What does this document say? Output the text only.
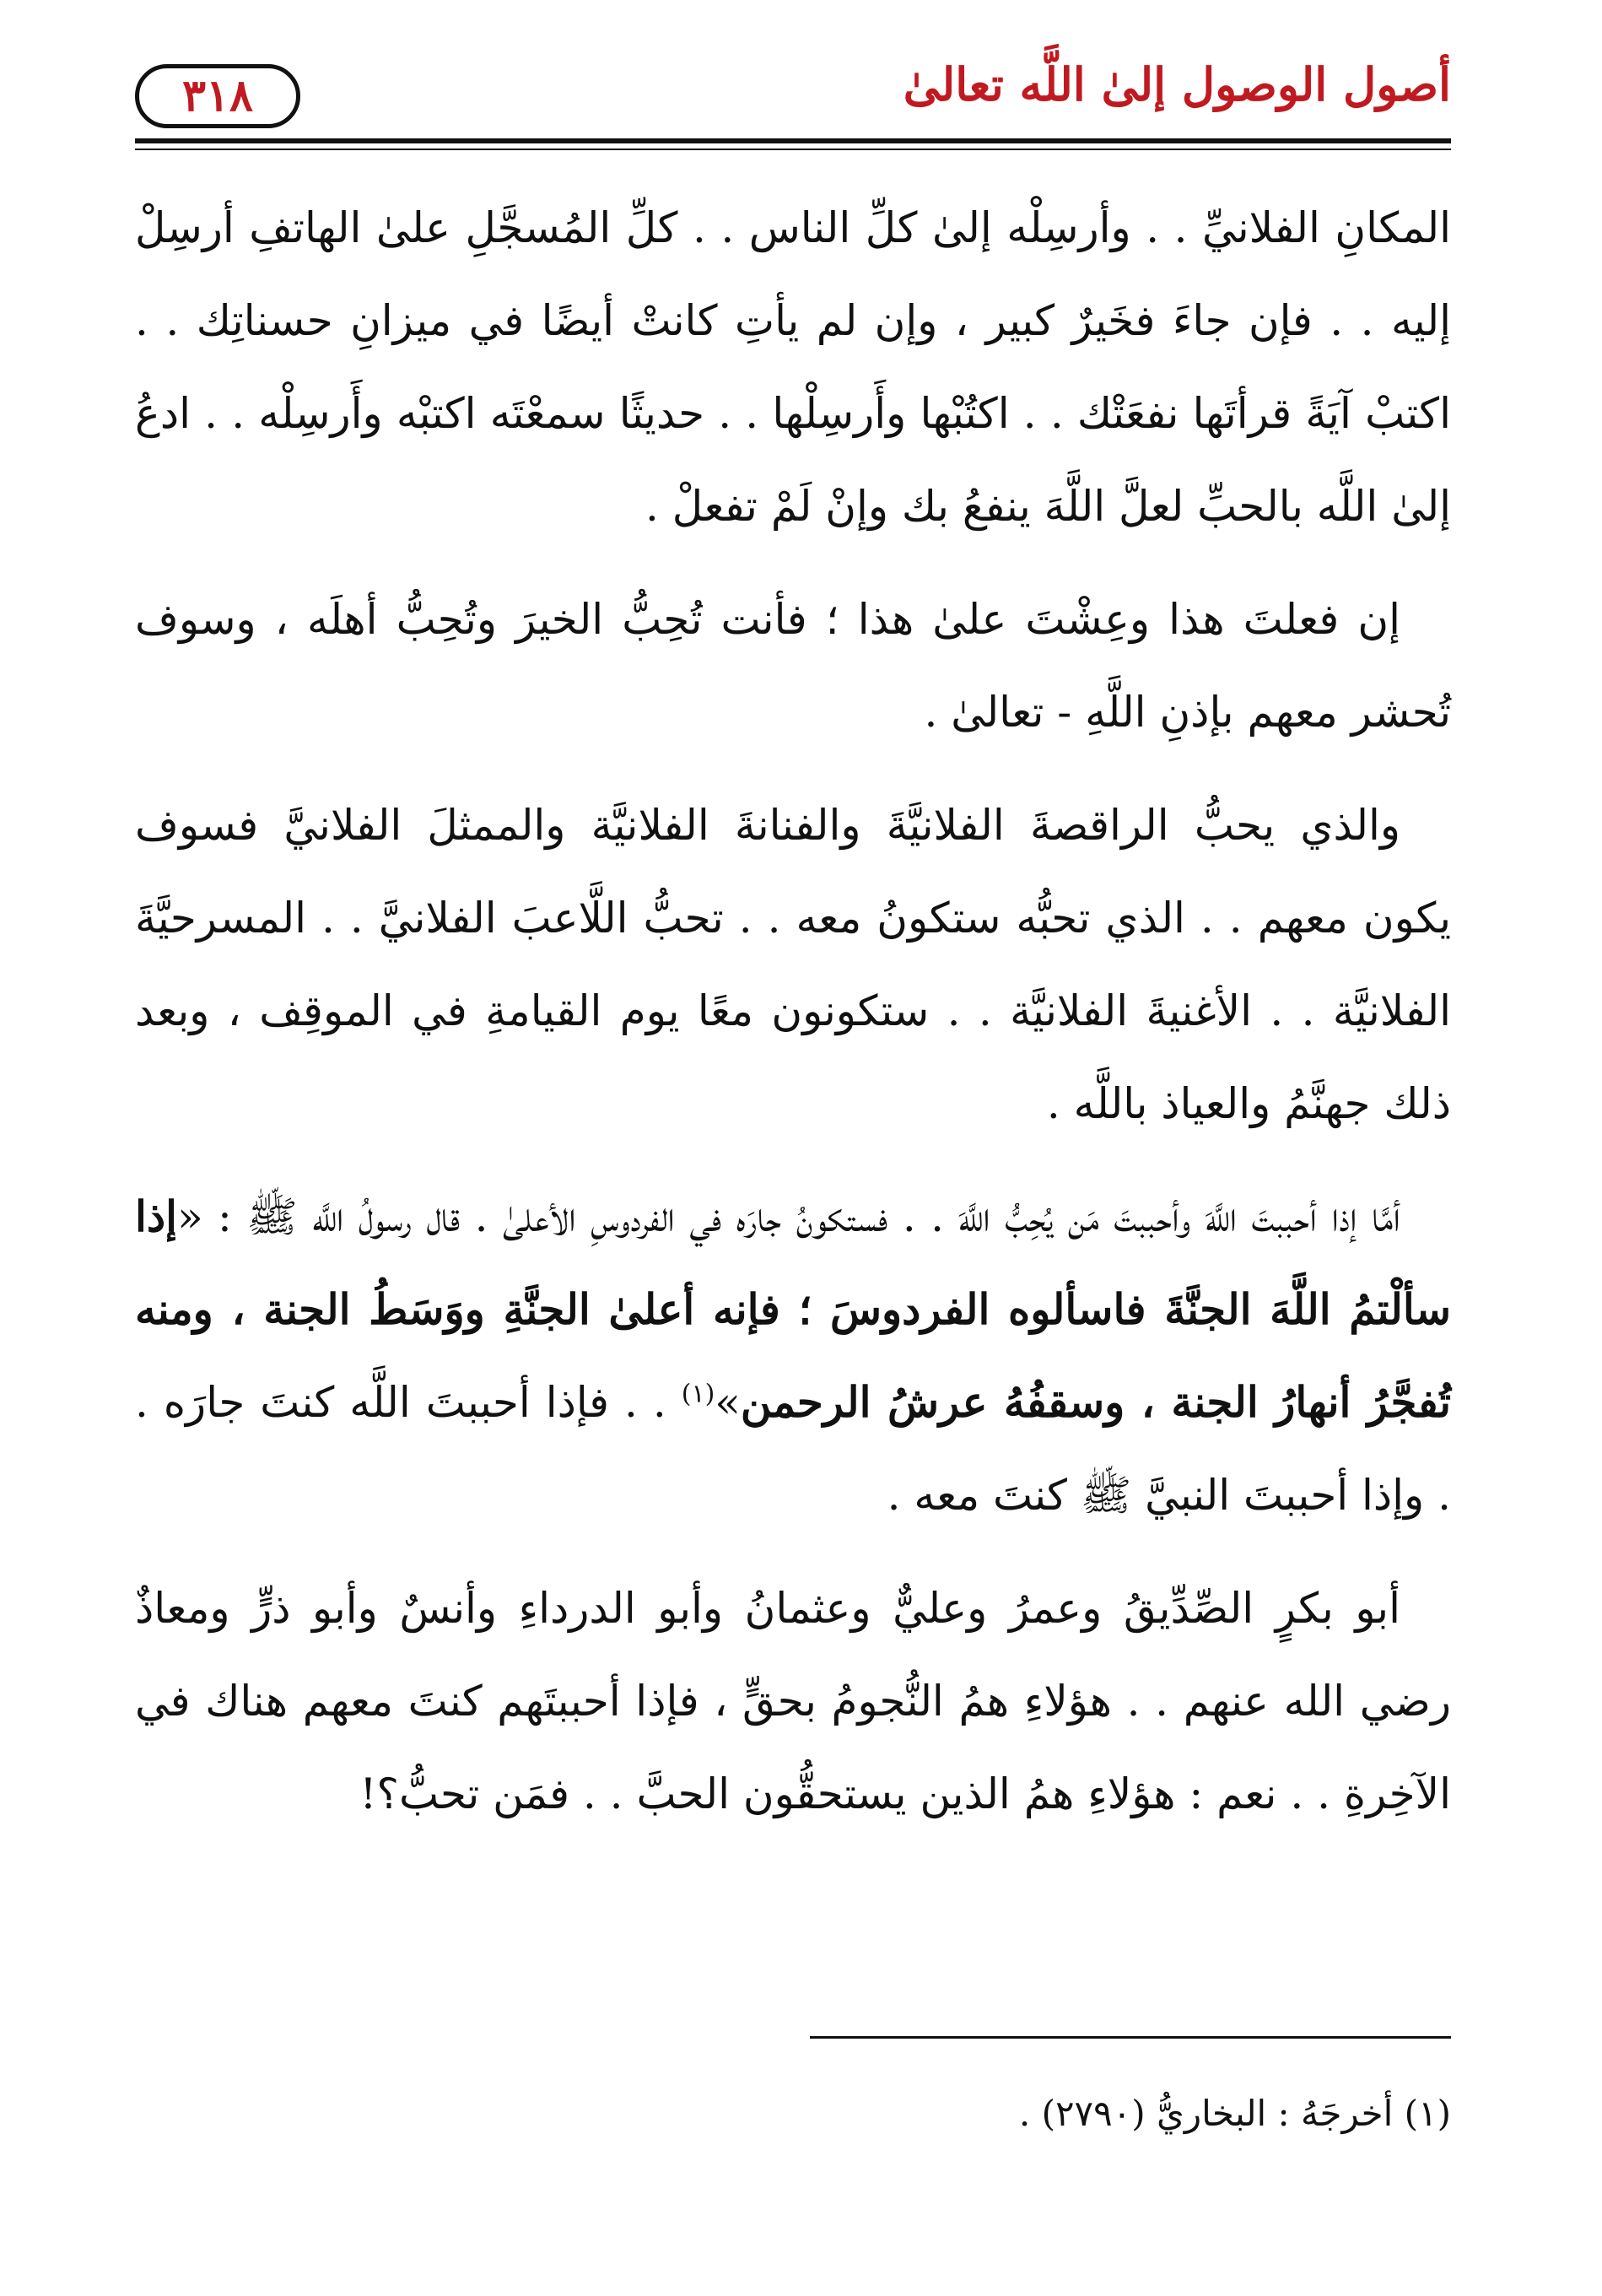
٣١٨	أصول الوصول إلىٰ اللَّه تعالىٰ

المكانِ الفلانيِّ . . وأرسِلْه إلىٰ كلِّ الناس . . كلِّ المُسجَّلِ علىٰ الهاتفِ أرسِلْ إليه . . فإن جاءَ فخَيرٌ كبير ، وإن لم يأتِ كانتْ أيضًا في ميزانِ حسناتِك . . اكتبْ آيَةً قرأتَها نفعَتْك . . اكتُبْها وأَرسِلْها . . حديثًا سمعْتَه اكتبْه وأَرسِلْه . . ادعُ إلىٰ اللَّه بالحبِّ لعلَّ اللَّهَ ينفعُ بك وإنْ لَمْ تفعلْ .

إن فعلتَ هذا وعِشْتَ علىٰ هذا ؛ فأنت تُحِبُّ الخيرَ وتُحِبُّ أهلَه ، وسوف تُحشر معهم بإذنِ اللَّهِ - تعالىٰ .

والذي يحبُّ الراقصةَ الفلانيَّةَ والفنانةَ الفلانيَّة والممثلَ الفلانيَّ فسوف يكون معهم . . الذي تحبُّه ستكونُ معه . . تحبُّ اللَّاعبَ الفلانيَّ . . المسرحيَّةَ الفلانيَّة . . الأغنيةَ الفلانيَّة . . ستكونون معًا يوم القيامةِ في الموقِف ، وبعد ذلك جهنَّمُ والعياذ باللَّه .

أمَّا إذا أحببتَ اللَّهَ وأحببتَ مَن يُحِبُّ اللَّهَ . . فستكونُ جارَه في الفردوسِ الأعلىٰ . قال رسولُ اللَّه ﷺ : «إذا سألْتمُ اللَّهَ الجنَّةَ فاسألوه الفردوسَ ؛ فإنه أعلىٰ الجنَّةِ ووَسَطُ الجنة ، ومنه تُفجَّرُ أنهارُ الجنة ، وسقفُهُ عرشُ الرحمن»$^{(١)}$ . . فإذا أحببتَ اللَّه كنتَ جارَه . . وإذا أحببتَ النبيَّ ﷺ كنتَ معه .

أبو بكرٍ الصِّدِّيقُ وعمرُ وعليٌّ وعثمانُ وأبو الدرداءِ وأنسٌ وأبو ذرٍّ ومعاذٌ رضي الله عنهم . . هؤلاءِ همُ النُّجومُ بحقٍّ ، فإذا أحببتَهم كنتَ معهم هناك في الآخِرةِ . . نعم : هؤلاءِ همُ الذين يستحقُّون الحبَّ . . فمَن تحبُّ؟!

(١) أخرجَهُ : البخاريُّ (٢٧٩٠) .
